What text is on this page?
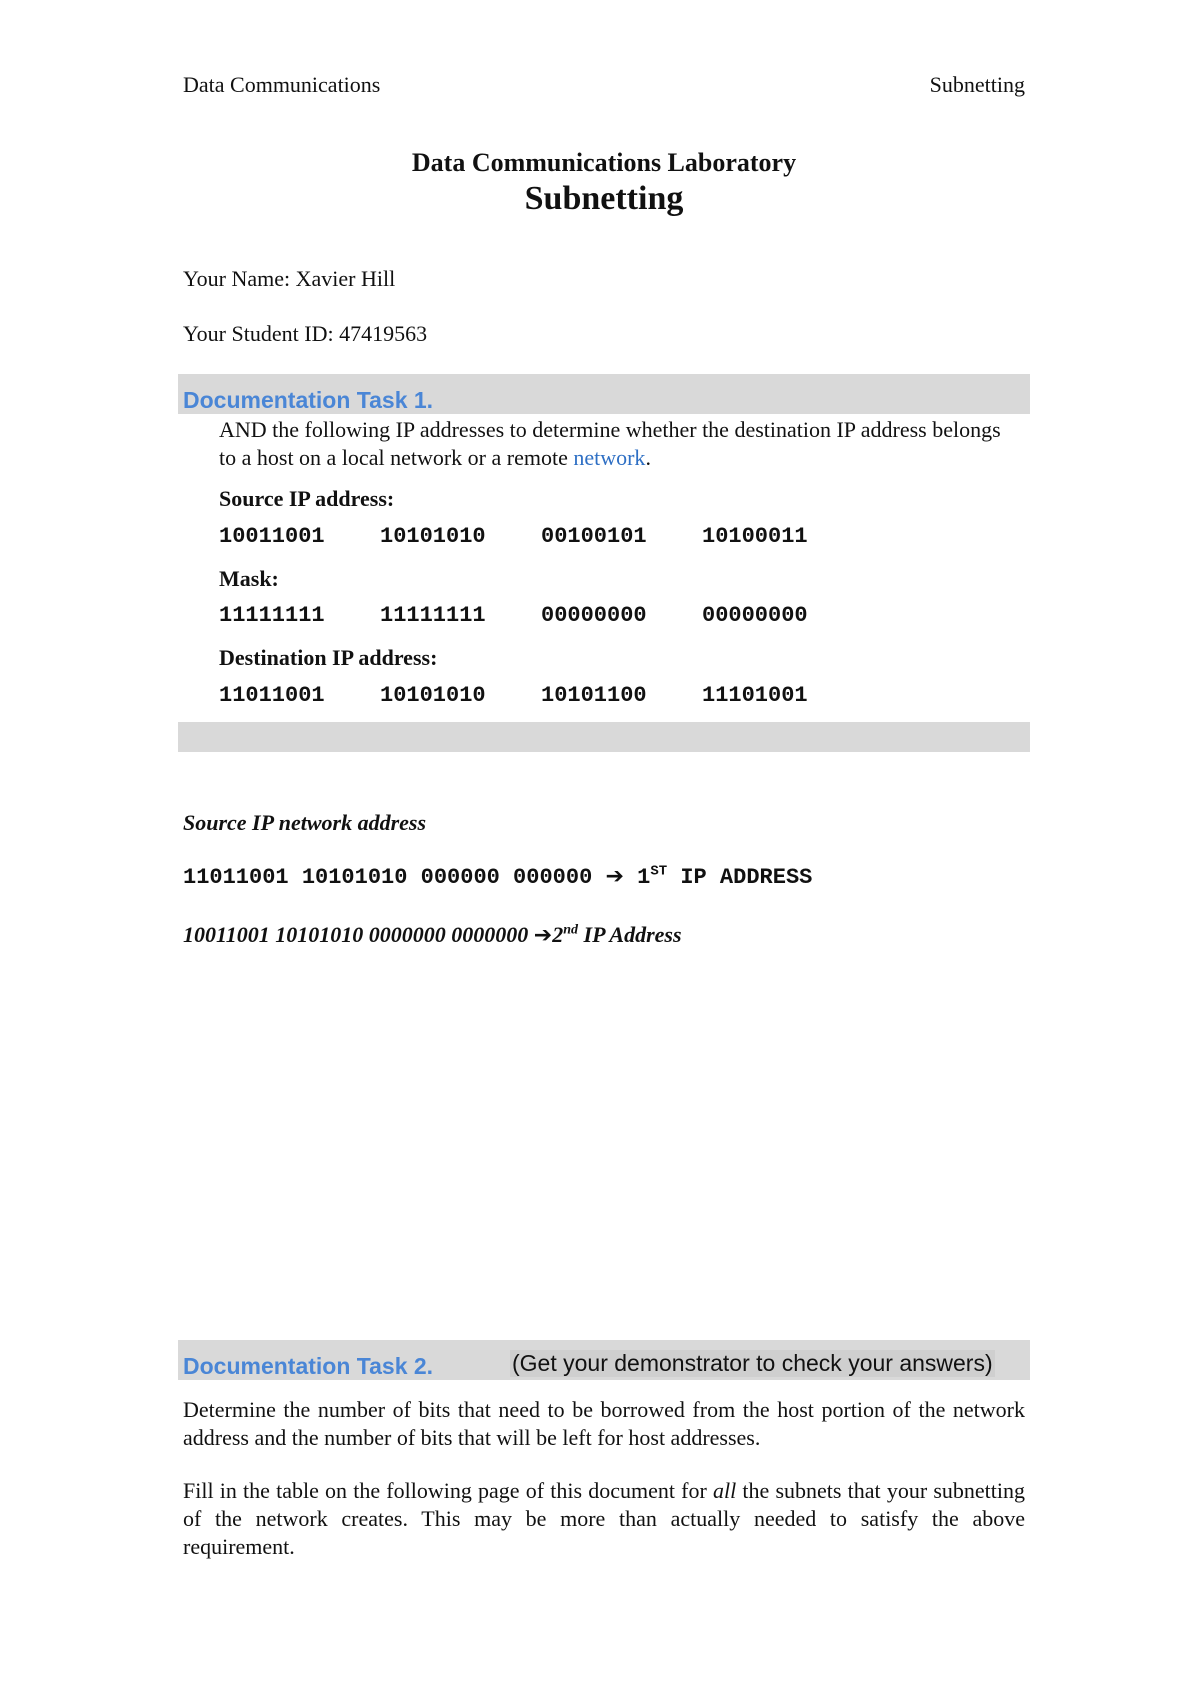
Data Communications	Subnetting
Data Communications Laboratory
Subnetting
Your Name: Xavier Hill
Your Student ID: 47419563
Documentation Task 1.
AND the following IP addresses to determine whether the destination IP address belongs to a host on a local network or a remote network.
Source IP address:
10011001	10101010	00100101	10100011
Mask:
11111111	11111111	00000000	00000000
Destination IP address:
11011001	10101010	10101100	11101001
Source IP network address
11011001 10101010 000000 000000 ➔ 1ST IP ADDRESS
10011001 10101010 0000000 0000000 ➔2nd IP Address
Documentation Task 2.	(Get your demonstrator to check your answers)
Determine the number of bits that need to be borrowed from the host portion of the network address and the number of bits that will be left for host addresses.
Fill in the table on the following page of this document for all the subnets that your subnetting of the network creates. This may be more than actually needed to satisfy the above requirement.
